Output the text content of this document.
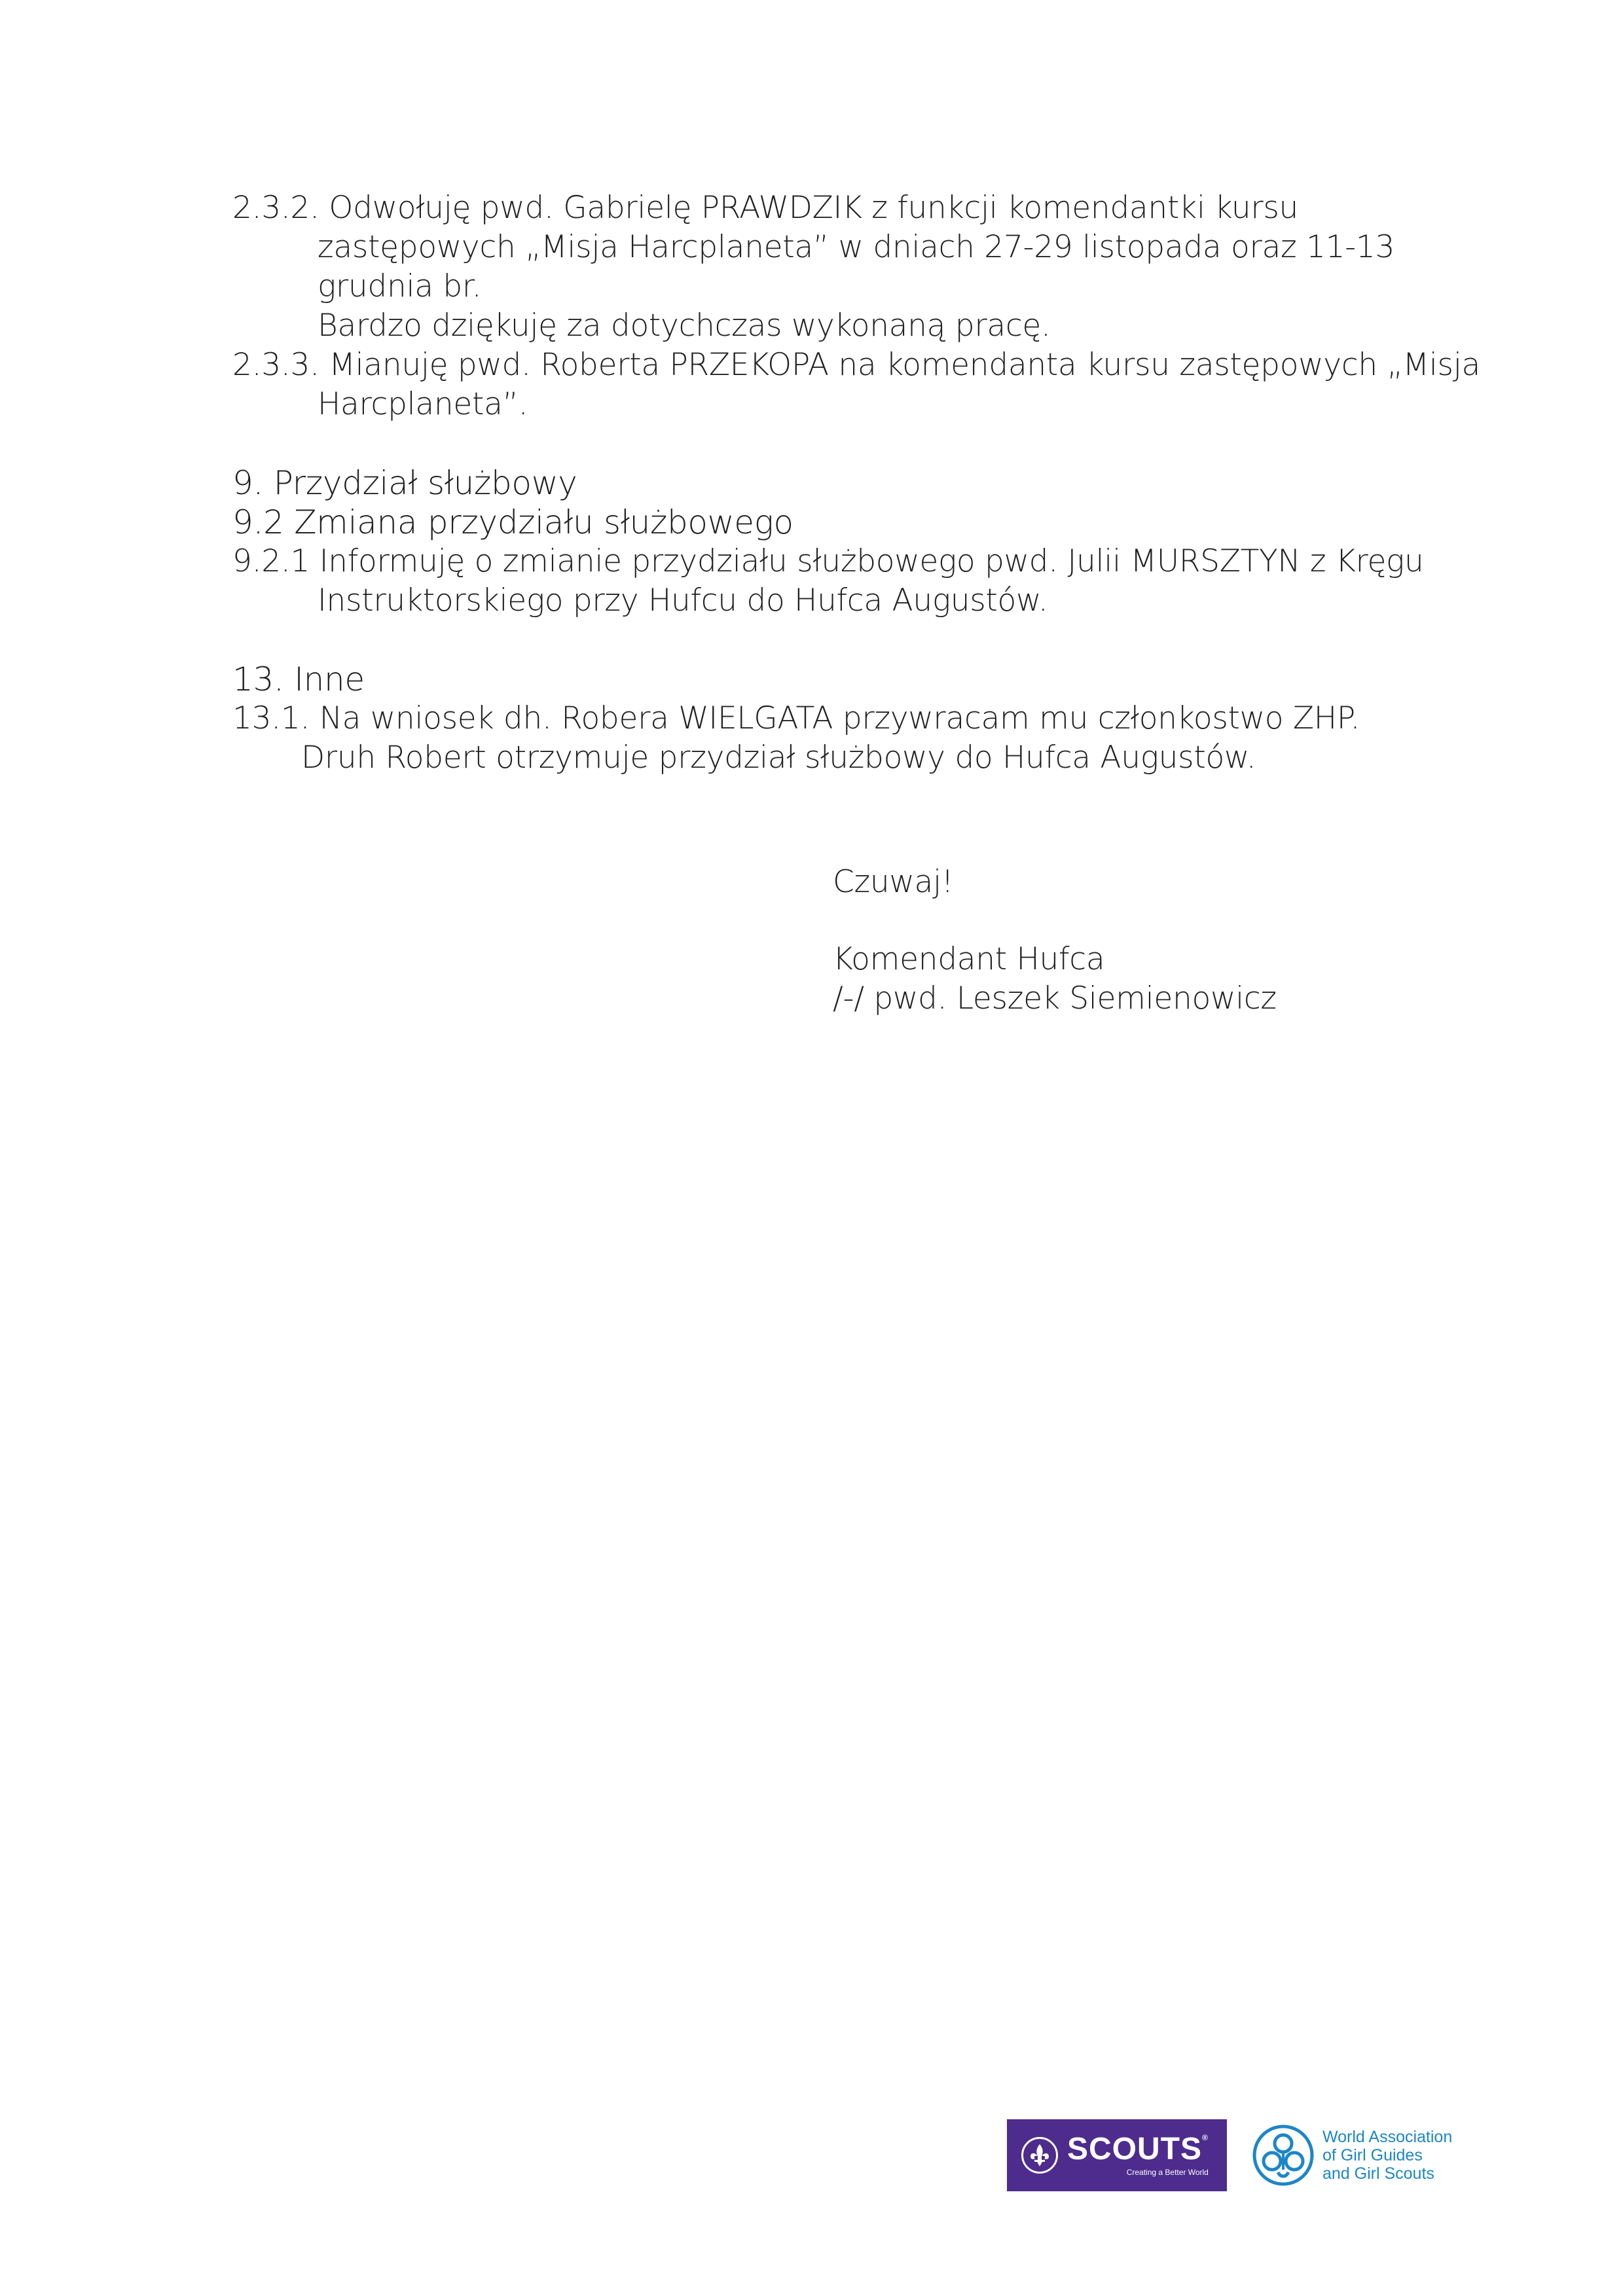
2.3.2. Odwołuję pwd. Gabrielę PRAWDZIK z funkcji komendantki kursu
zastępowych „Misja Harcplaneta” w dniach 27-29 listopada oraz 11-13
grudnia br.
Bardzo dziękuję za dotychczas wykonaną pracę.
2.3.3. Mianuję pwd. Roberta PRZEKOPA na komendanta kursu zastępowych „Misja
Harcplaneta”.
9. Przydział służbowy
9.2 Zmiana przydziału służbowego
9.2.1 Informuję o zmianie przydziału służbowego pwd. Julii MURSZTYN z Kręgu
Instruktorskiego przy Hufcu do Hufca Augustów.
13. Inne
13.1. Na wniosek dh. Robera WIELGATA przywracam mu członkostwo ZHP.
Druh Robert otrzymuje przydział służbowy do Hufca Augustów.
Czuwaj!
Komendant Hufca
/-/ pwd. Leszek Siemienowicz
SCOUTS®
Creating a Better World
World Association
of Girl Guides
and Girl Scouts
